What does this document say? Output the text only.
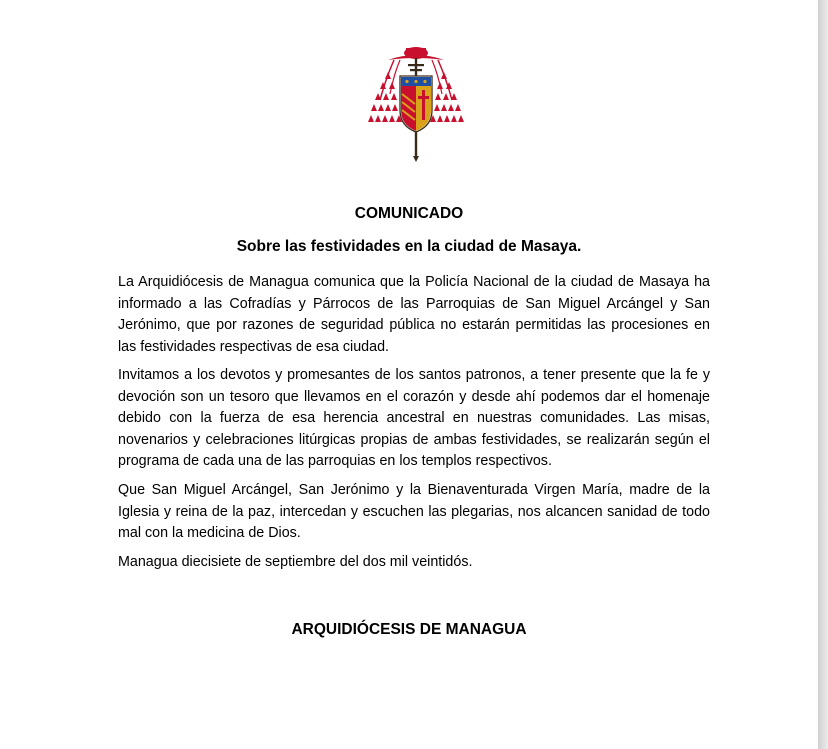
COMUNICADO
Sobre las festividades en la ciudad de Masaya.

La Arquidiócesis de Managua comunica que la Policía Nacional de la ciudad de Masaya ha informado a las Cofradías y Párrocos de las Parroquias de San Miguel Arcángel y San Jerónimo, que por razones de seguridad pública no estarán permitidas las procesiones en las festividades respectivas de esa ciudad.

Invitamos a los devotos y promesantes de los santos patronos, a tener presente que la fe y devoción son un tesoro que llevamos en el corazón y desde ahí podemos dar el homenaje debido con la fuerza de esa herencia ancestral en nuestras comunidades. Las misas, novenarios y celebraciones litúrgicas propias de ambas festividades, se realizarán según el programa de cada una de las parroquias en los templos respectivos.

Que San Miguel Arcángel, San Jerónimo y la Bienaventurada Virgen María, madre de la Iglesia y reina de la paz, intercedan y escuchen las plegarias, nos alcancen sanidad de todo mal con la medicina de Dios.

Managua diecisiete de septiembre del dos mil veintidós.

ARQUIDIÓCESIS DE MANAGUA
